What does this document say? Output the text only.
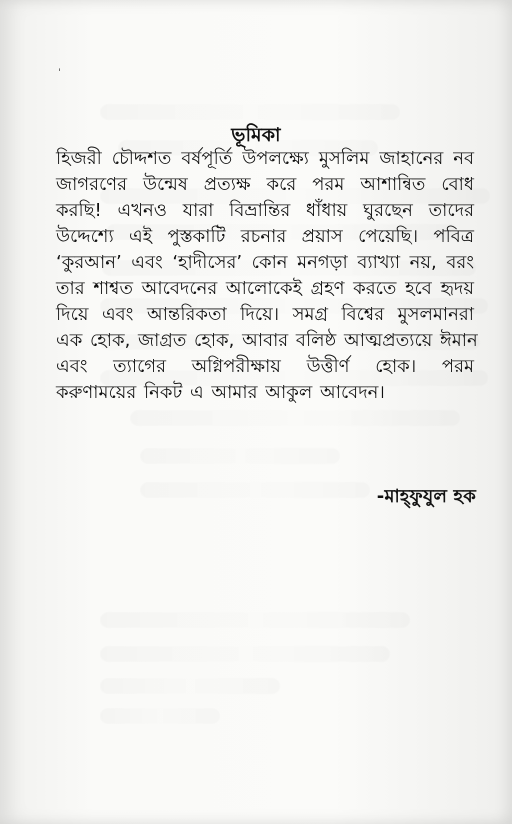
ˈ
ভূমিকা
হিজরী চৌদ্দশত বর্ষপূর্তি উপলক্ষ্যে মুসলিম জাহানের নব
জাগরণের উন্মেষ প্রত্যক্ষ করে পরম আশান্বিত বোধ
করছি! এখনও যারা বিভ্রান্তির ধাঁধায় ঘুরছেন তাদের
উদ্দেশ্যে এই পুস্তকাটি রচনার প্রয়াস পেয়েছি। পবিত্র
‘কুরআন’ এবং ‘হাদীসের’ কোন মনগড়া ব্যাখ্যা নয়, বরং
তার শাশ্বত আবেদনের আলোকেই গ্রহণ করতে হবে হৃদয়
দিয়ে এবং আন্তরিকতা দিয়ে। সমগ্র বিশ্বের মুসলমানরা
এক হোক, জাগ্রত হোক, আবার বলিষ্ঠ আত্মপ্রত্যয়ে ঈমান
এবং ত্যাগের অগ্নিপরীক্ষায় উত্তীর্ণ হোক। পরম
করুণাময়ের নিকট এ আমার আকুল আবেদন।
-মাহ্‌ফুযুল হক
